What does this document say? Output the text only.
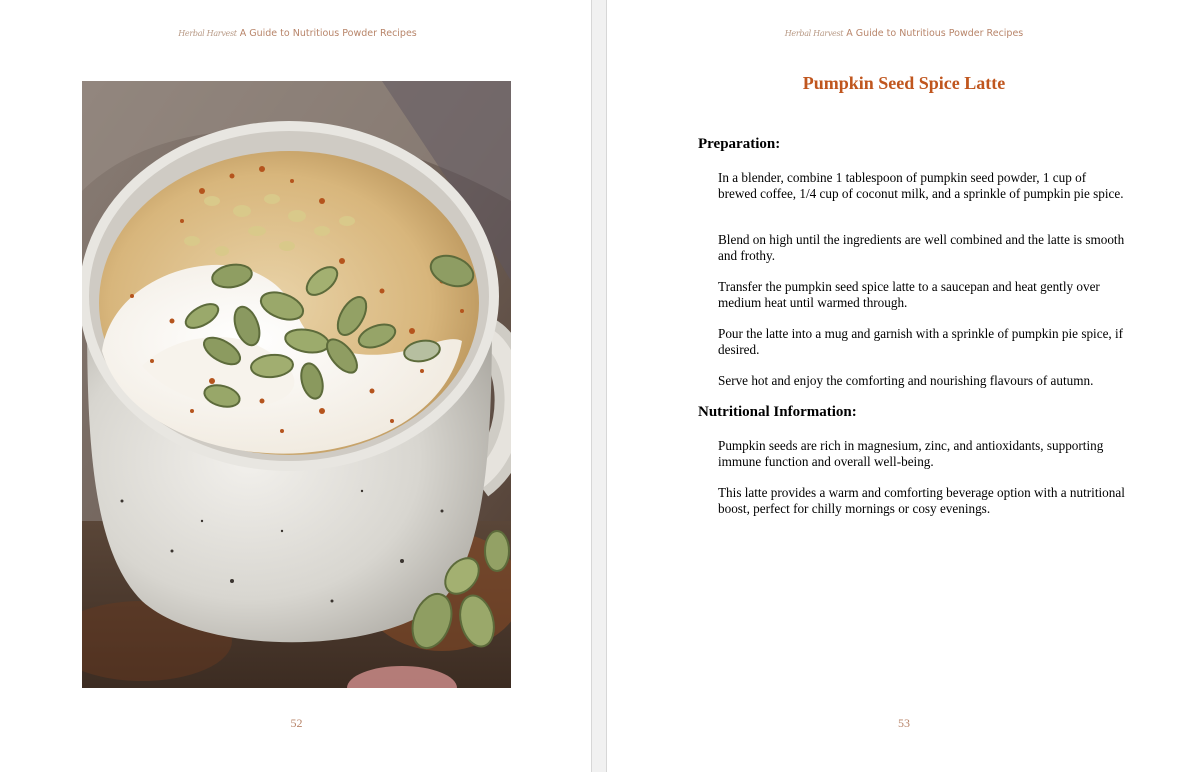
Herbal Harvest A Guide to Nutritious Powder Recipes
52
Herbal Harvest A Guide to Nutritious Powder Recipes
Pumpkin Seed Spice Latte
Preparation:

In a blender, combine 1 tablespoon of pumpkin seed powder, 1 cup of brewed coffee, 1/4 cup of coconut milk, and a sprinkle of pumpkin pie spice.

Blend on high until the ingredients are well combined and the latte is smooth and frothy.

Transfer the pumpkin seed spice latte to a saucepan and heat gently over medium heat until warmed through.

Pour the latte into a mug and garnish with a sprinkle of pumpkin pie spice, if desired.

Serve hot and enjoy the comforting and nourishing flavours of autumn.

Nutritional Information:

Pumpkin seeds are rich in magnesium, zinc, and antioxidants, supporting immune function and overall well-being.

This latte provides a warm and comforting beverage option with a nutritional boost, perfect for chilly mornings or cosy evenings.

53
